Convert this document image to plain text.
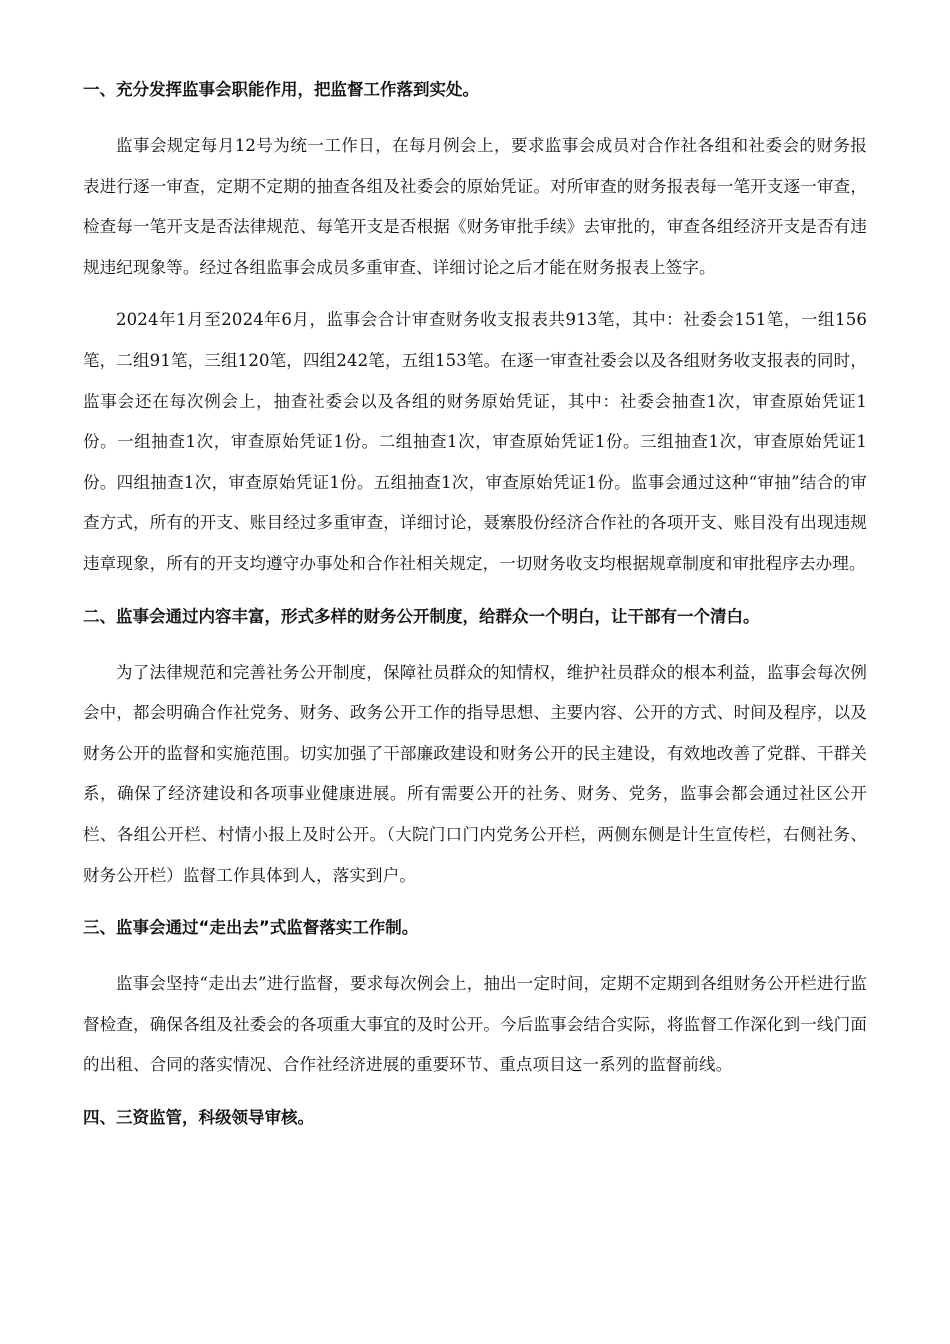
一、充分发挥监事会职能作用，把监督工作落到实处。

监事会规定每月12号为统一工作日，在每月例会上，要求监事会成员对合作社各组和社委会的财务报表进行逐一审查，定期不定期的抽查各组及社委会的原始凭证。对所审查的财务报表每一笔开支逐一审查，检查每一笔开支是否法律规范、每笔开支是否根据《财务审批手续》去审批的，审查各组经济开支是否有违规违纪现象等。经过各组监事会成员多重审查、详细讨论之后才能在财务报表上签字。

2024年1月至2024年6月，监事会合计审查财务收支报表共913笔，其中：社委会151笔，一组156笔，二组91笔，三组120笔，四组242笔，五组153笔。在逐一审查社委会以及各组财务收支报表的同时，监事会还在每次例会上，抽查社委会以及各组的财务原始凭证，其中：社委会抽查1次，审查原始凭证1份。一组抽查1次，审查原始凭证1份。二组抽查1次，审查原始凭证1份。三组抽查1次，审查原始凭证1份。四组抽查1次，审查原始凭证1份。五组抽查1次，审查原始凭证1份。监事会通过这种“审抽”结合的审查方式，所有的开支、账目经过多重审查，详细讨论，聂寨股份经济合作社的各项开支、账目没有出现违规违章现象，所有的开支均遵守办事处和合作社相关规定，一切财务收支均根据规章制度和审批程序去办理。

二、监事会通过内容丰富，形式多样的财务公开制度，给群众一个明白，让干部有一个清白。

为了法律规范和完善社务公开制度，保障社员群众的知情权，维护社员群众的根本利益，监事会每次例会中，都会明确合作社党务、财务、政务公开工作的指导思想、主要内容、公开的方式、时间及程序，以及财务公开的监督和实施范围。切实加强了干部廉政建设和财务公开的民主建设，有效地改善了党群、干群关系，确保了经济建设和各项事业健康进展。所有需要公开的社务、财务、党务，监事会都会通过社区公开栏、各组公开栏、村情小报上及时公开。（大院门口门内党务公开栏，两侧东侧是计生宣传栏，右侧社务、财务公开栏）监督工作具体到人，落实到户。

三、监事会通过“走出去”式监督落实工作制。

监事会坚持“走出去”进行监督，要求每次例会上，抽出一定时间，定期不定期到各组财务公开栏进行监督检查，确保各组及社委会的各项重大事宜的及时公开。今后监事会结合实际，将监督工作深化到一线门面的出租、合同的落实情况、合作社经济进展的重要环节、重点项目这一系列的监督前线。

四、三资监管，科级领导审核。
